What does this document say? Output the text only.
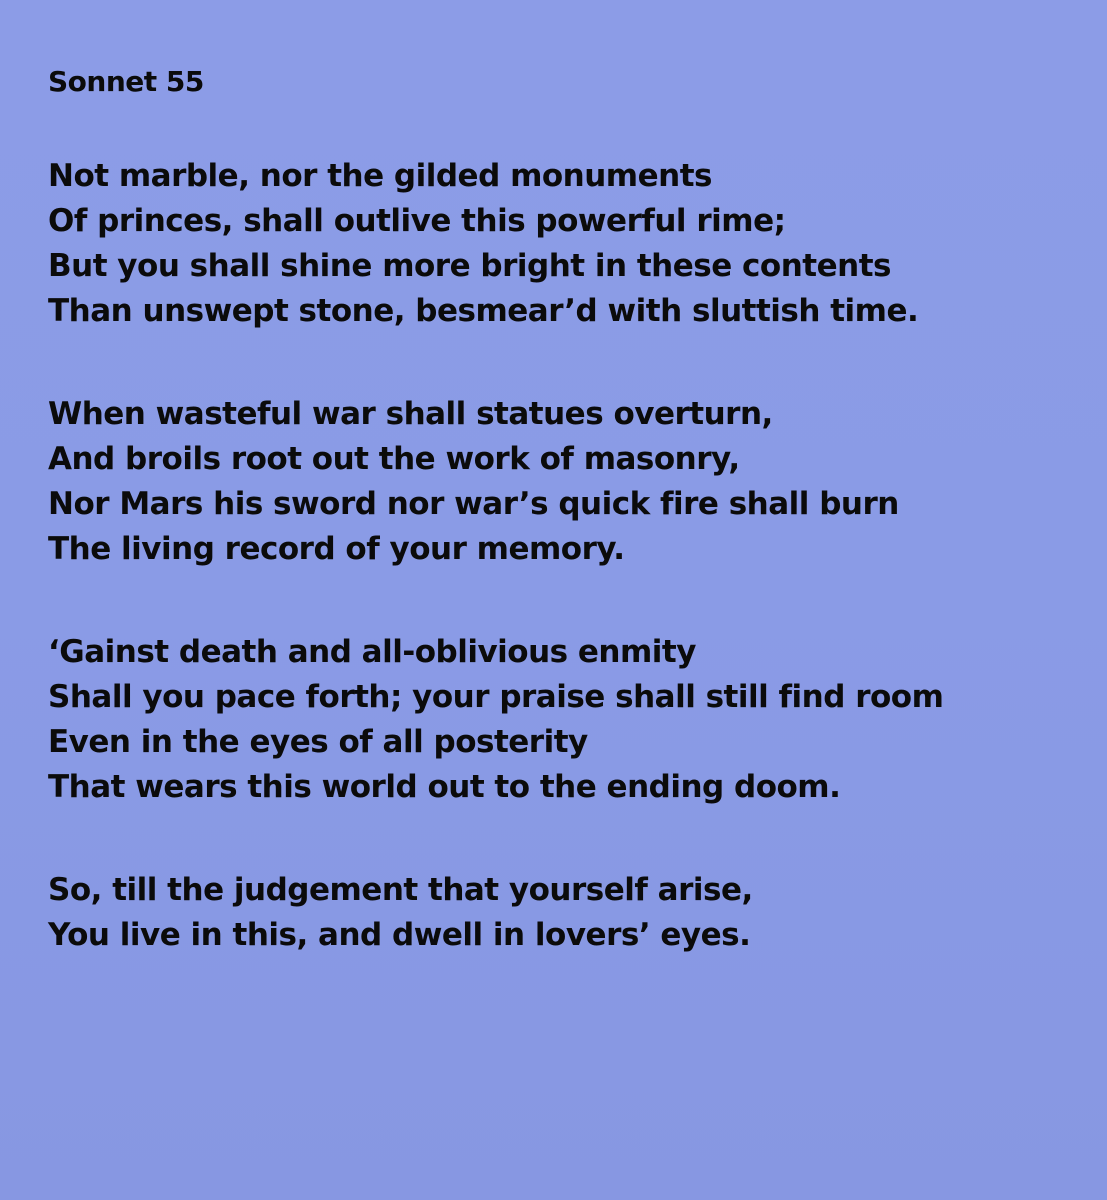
Sonnet 55
Not marble, nor the gilded monuments
Of princes, shall outlive this powerful rime;
But you shall shine more bright in these contents
Than unswept stone, besmear’d with sluttish time.
When wasteful war shall statues overturn,
And broils root out the work of masonry,
Nor Mars his sword nor war’s quick fire shall burn
The living record of your memory.
‘Gainst death and all-oblivious enmity
Shall you pace forth; your praise shall still find room
Even in the eyes of all posterity
That wears this world out to the ending doom.
So, till the judgement that yourself arise,
You live in this, and dwell in lovers’ eyes.
